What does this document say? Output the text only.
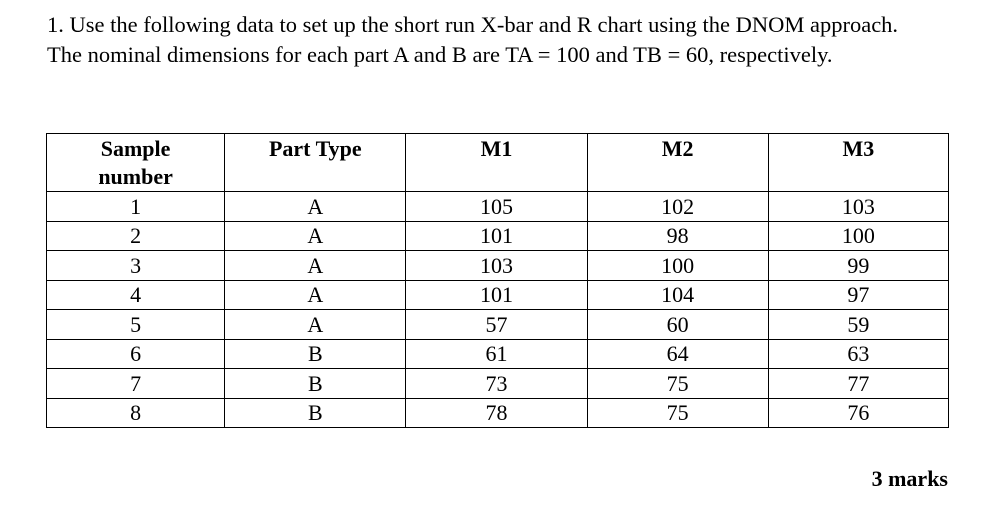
1. Use the following data to set up the short run X-bar and R chart using the DNOM approach.

The nominal dimensions for each part A and B are TA = 100 and TB = 60, respectively.

Sample
number	Part Type	M1	M2	M3
1	A	105	102	103
2	A	101	98	100
3	A	103	100	99
4	A	101	104	97
5	A	57	60	59
6	B	61	64	63
7	B	73	75	77
8	B	78	75	76

3 marks
